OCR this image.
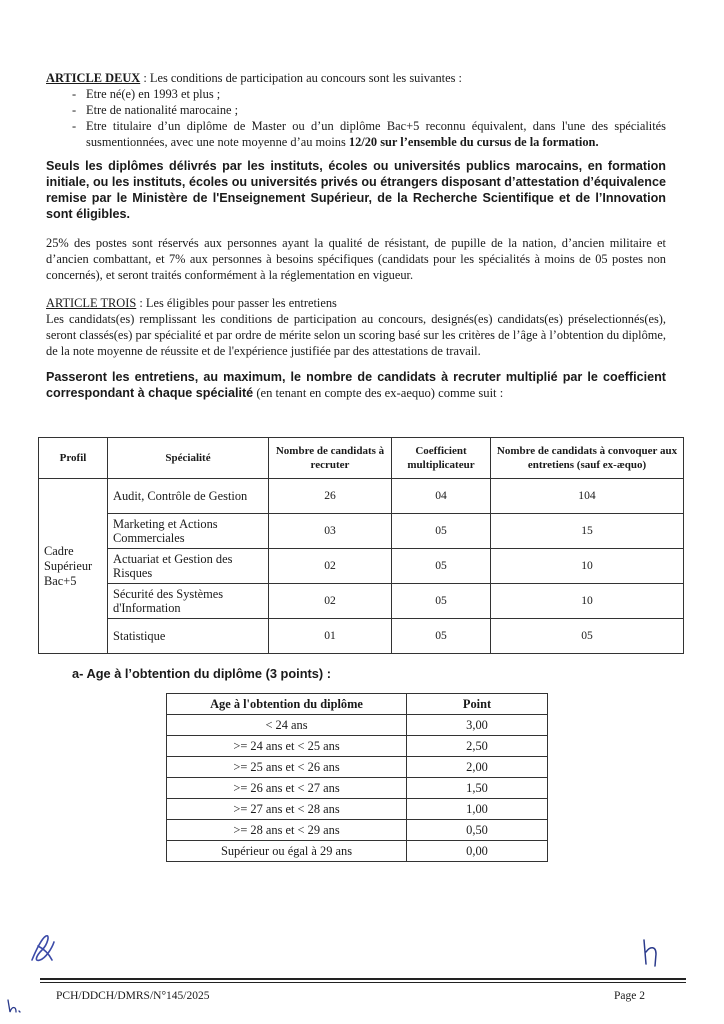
ARTICLE DEUX : Les conditions de participation au concours sont les suivantes :

- Etre né(e) en 1993 et plus ;
- Etre de nationalité marocaine ;
- Etre titulaire d’un diplôme de Master ou d’un diplôme Bac+5 reconnu équivalent, dans l'une des spécialités susmentionnées, avec une note moyenne d’au moins 12/20 sur l’ensemble du cursus de la formation.

Seuls les diplômes délivrés par les instituts, écoles ou universités publics marocains, en formation initiale, ou les instituts, écoles ou universités privés ou étrangers disposant d’attestation d’équivalence remise par le Ministère de l'Enseignement Supérieur, de la Recherche Scientifique et de l’Innovation sont éligibles.

25% des postes sont réservés aux personnes ayant la qualité de résistant, de pupille de la nation, d’ancien militaire et d’ancien combattant, et 7% aux personnes à besoins spécifiques (candidats pour les spécialités à moins de 05 postes non concernés), et seront traités conformément à la réglementation en vigueur.

ARTICLE TROIS : Les éligibles pour passer les entretiens

Les candidats(es) remplissant les conditions de participation au concours, designés(es) candidats(es) préselectionnés(es), seront classés(es) par spécialité et par ordre de mérite selon un scoring basé sur les critères de l’âge à l’obtention du diplôme, de la note moyenne de réussite et de l'expérience justifiée par des attestations de travail.

Passeront les entretiens, au maximum, le nombre de candidats à recruter multiplié par le coefficient correspondant à chaque spécialité (en tenant en compte des ex-aequo) comme suit :

Profil	Spécialité	Nombre de candidats à recruter	Coefficient multiplicateur	Nombre de candidats à convoquer aux entretiens (sauf ex-æquo)
Cadre Supérieur Bac+5	Audit, Contrôle de Gestion	26	04	104
	Marketing et Actions Commerciales	03	05	15
	Actuariat et Gestion des Risques	02	05	10
	Sécurité des Systèmes d'Information	02	05	10
	Statistique	01	05	05
a- Age à l’obtention du diplôme (3 points) :
Age à l'obtention du diplôme	Point
< 24 ans	3,00
>= 24 ans et < 25 ans	2,50
>= 25 ans et < 26 ans	2,00
>= 26 ans et < 27 ans	1,50
>= 27 ans et < 28 ans	1,00
>= 28 ans et < 29 ans	0,50
Supérieur ou égal à 29 ans	0,00
PCH/DDCH/DMRS/N°145/2025	Page 2
